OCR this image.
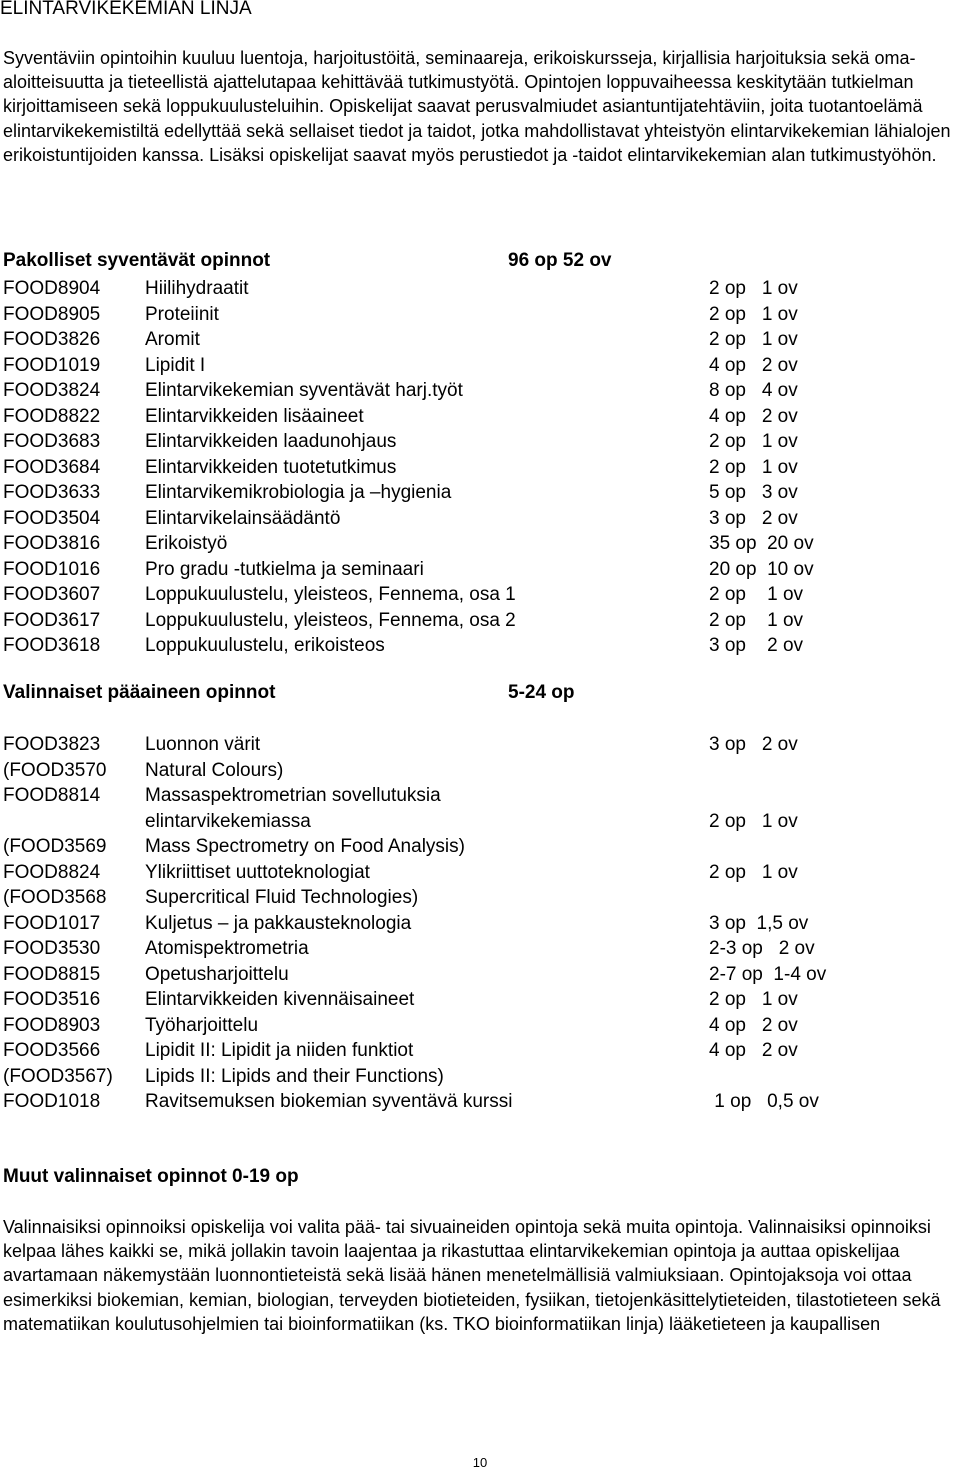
ELINTARVIKEKEMIAN LINJA
Syventäviin opintoihin kuuluu luentoja, harjoitustöitä, seminaareja, erikoiskursseja, kirjallisia harjoituksia sekä oma-aloitteisuutta ja tieteellistä ajattelutapaa kehittävää tutkimustyötä. Opintojen loppuvaiheessa keskitytään tutkielman kirjoittamiseen sekä loppukuulusteluihin. Opiskelijat saavat perusvalmiudet asiantuntijatehtäviin, joita tuotantoelämä elintarvikekemistiltä edellyttää sekä sellaiset tiedot ja taidot, jotka mahdollistavat yhteistyön elintarvikekemian lähialojen erikoistuntijoiden kanssa. Lisäksi opiskelijat saavat myös perustiedot ja -taidot elintarvikekemian alan tutkimustyöhön.
Pakolliset syventävät opinnot	96 op 52 ov
FOOD8904 Hiilihydraatit	2 op   1 ov
FOOD8905 Proteiinit	2 op   1 ov
FOOD3826 Aromit	2 op   1 ov
FOOD1019 Lipidit I	4 op   2 ov
FOOD3824 Elintarvikekemian syventävät harj.työt	8 op   4 ov
FOOD8822 Elintarvikkeiden lisäaineet	4 op   2 ov
FOOD3683 Elintarvikkeiden laadunohjaus	2 op   1 ov
FOOD3684 Elintarvikkeiden tuotetutkimus	2 op   1 ov
FOOD3633 Elintarvikemikrobiologia ja –hygienia	5 op   3 ov
FOOD3504 Elintarvikelainsäädäntö	3 op   2 ov
FOOD3816 Erikoistyö	35 op  20 ov
FOOD1016 Pro gradu -tutkielma ja seminaari	20 op  10 ov
FOOD3607 Loppukuulustelu, yleisteos, Fennema, osa 1	2 op    1 ov
FOOD3617 Loppukuulustelu, yleisteos, Fennema, osa 2	2 op    1 ov
FOOD3618 Loppukuulustelu, erikoisteos	3 op    2 ov
Valinnaiset pääaineen opinnot	5-24 op
FOOD3823 Luonnon värit	3 op   2 ov
(FOOD3570 Natural Colours)
FOOD8814 Massaspektrometrian sovellutuksia
elintarvikekemiassa	2 op   1 ov
(FOOD3569 Mass Spectrometry on Food Analysis)
FOOD8824 Ylikriittiset uuttoteknologiat	2 op   1 ov
(FOOD3568 Supercritical Fluid Technologies)
FOOD1017 Kuljetus – ja pakkausteknologia	3 op  1,5 ov
FOOD3530 Atomispektrometria	2-3 op   2 ov
FOOD8815 Opetusharjoittelu	2-7 op  1-4 ov
FOOD3516 Elintarvikkeiden kivennäisaineet	2 op   1 ov
FOOD8903 Työharjoittelu	4 op   2 ov
FOOD3566 Lipidit II: Lipidit ja niiden funktiot	4 op   2 ov
(FOOD3567) Lipids II: Lipids and their Functions)
FOOD1018 Ravitsemuksen biokemian syventävä kurssi	1 op   0,5 ov
Muut valinnaiset opinnot 0-19 op
Valinnaisiksi opinnoiksi opiskelija voi valita pää- tai sivuaineiden opintoja sekä muita opintoja. Valinnaisiksi opinnoiksi kelpaa lähes kaikki se, mikä jollakin tavoin laajentaa ja rikastuttaa elintarvikekemian opintoja ja auttaa opiskelijaa avartamaan näkemystään luonnontieteistä sekä lisää hänen menetelmällisiä valmiuksiaan. Opintojaksoja voi ottaa esimerkiksi biokemian, kemian, biologian, terveyden biotieteiden, fysiikan, tietojenkäsittelytieteiden, tilastotieteen sekä matematiikan koulutusohjelmien tai bioinformatiikan (ks. TKO bioinformatiikan linja) lääketieteen ja kaupallisen
10
